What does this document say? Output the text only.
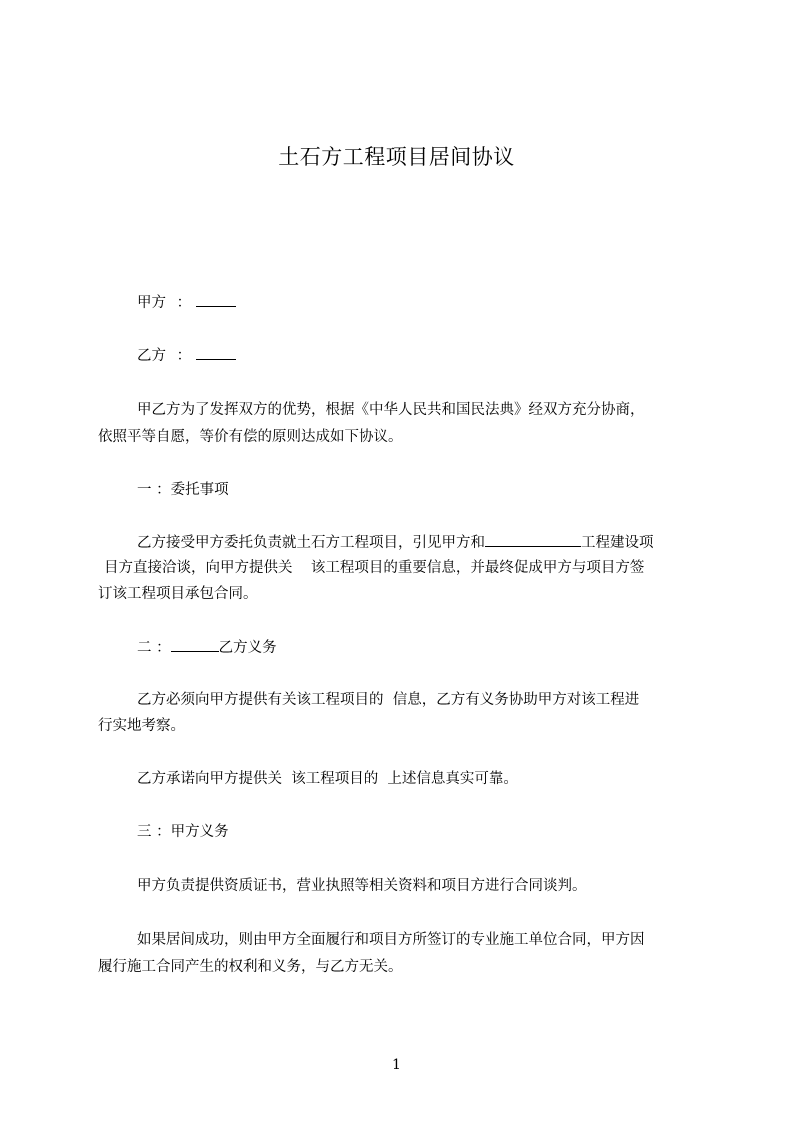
土石方工程项目居间协议
甲方 ：
乙方 ：
甲乙方为了发挥双方的优势，根据《中华人民共和国民法典》经双方充分协商，
依照平等自愿，等价有偿的原则达成如下协议。
一 ：委托事项
乙方接受甲方委托负责就土石方工程项目，引见甲方和	工程建设项
目方直接洽谈，向甲方提供关    该工程项目的重要信息，并最终促成甲方与项目方签
订该工程项目承包合同。
二 ：	乙方义务
乙方必须向甲方提供有关该工程项目的  信息，乙方有义务协助甲方对该工程进
行实地考察。
乙方承诺向甲方提供关  该工程项目的  上述信息真实可靠。
三 ：甲方义务
甲方负责提供资质证书，营业执照等相关资料和项目方进行合同谈判。
如果居间成功，则由甲方全面履行和项目方所签订的专业施工单位合同，甲方因
履行施工合同产生的权利和义务，与乙方无关。
1
